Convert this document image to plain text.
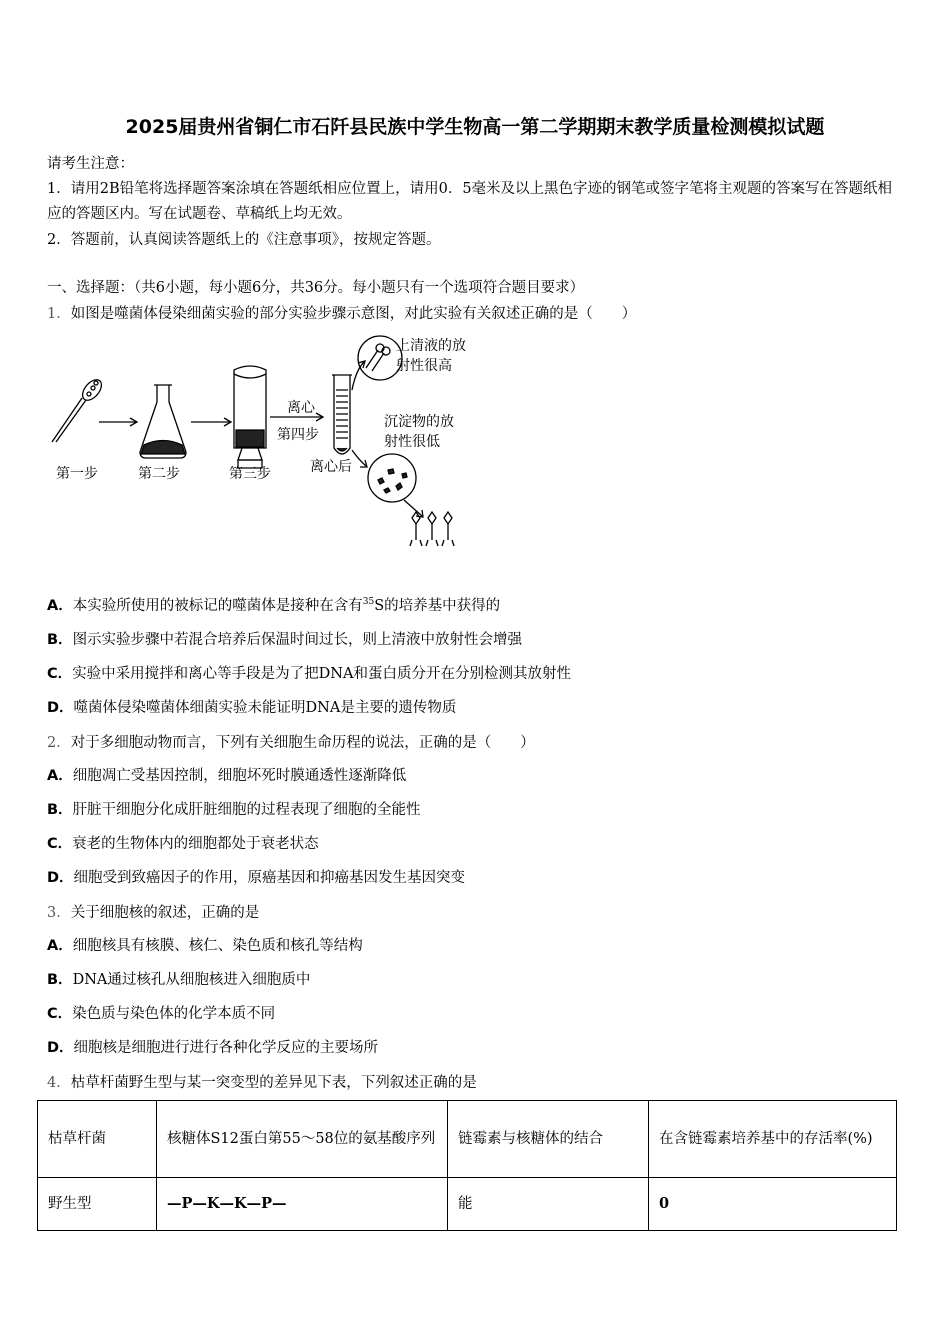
2025届贵州省铜仁市石阡县民族中学生物高一第二学期期末教学质量检测模拟试题
请考生注意：
1．请用2B铅笔将选择题答案涂填在答题纸相应位置上，请用0．5毫米及以上黑色字迹的钢笔或签字笔将主观题的答案写在答题纸相应的答题区内。写在试题卷、草稿纸上均无效。
2．答题前，认真阅读答题纸上的《注意事项》，按规定答题。
一、选择题：（共6小题，每小题6分，共36分。每小题只有一个选项符合题目要求）
1．如图是噬菌体侵染细菌实验的部分实验步骤示意图，对此实验有关叙述正确的是（　　）
第一步	第二步	第三步
离心
第四步
离心后
上清液的放
射性很高
沉淀物的放
射性很低
A．本实验所使用的被标记的噬菌体是接种在含有$^{35}$S的培养基中获得的
B．图示实验步骤中若混合培养后保温时间过长，则上清液中放射性会增强
C．实验中采用搅拌和离心等手段是为了把DNA和蛋白质分开在分别检测其放射性
D．噬菌体侵染噬菌体细菌实验未能证明DNA是主要的遗传物质
2．对于多细胞动物而言，下列有关细胞生命历程的说法，正确的是（　　）
A．细胞凋亡受基因控制，细胞坏死时膜通透性逐渐降低
B．肝脏干细胞分化成肝脏细胞的过程表现了细胞的全能性
C．衰老的生物体内的细胞都处于衰老状态
D．细胞受到致癌因子的作用，原癌基因和抑癌基因发生基因突变
3．关于细胞核的叙述，正确的是
A．细胞核具有核膜、核仁、染色质和核孔等结构
B．DNA通过核孔从细胞核进入细胞质中
C．染色质与染色体的化学本质不同
D．细胞核是细胞进行进行各种化学反应的主要场所
4．枯草杆菌野生型与某一突变型的差异见下表，下列叙述正确的是
枯草杆菌	核糖体S12蛋白第55～58位的氨基酸序列	链霉素与核糖体的结合	在含链霉素培养基中的存活率(%)
野生型	—P—K—K—P—	能	0
